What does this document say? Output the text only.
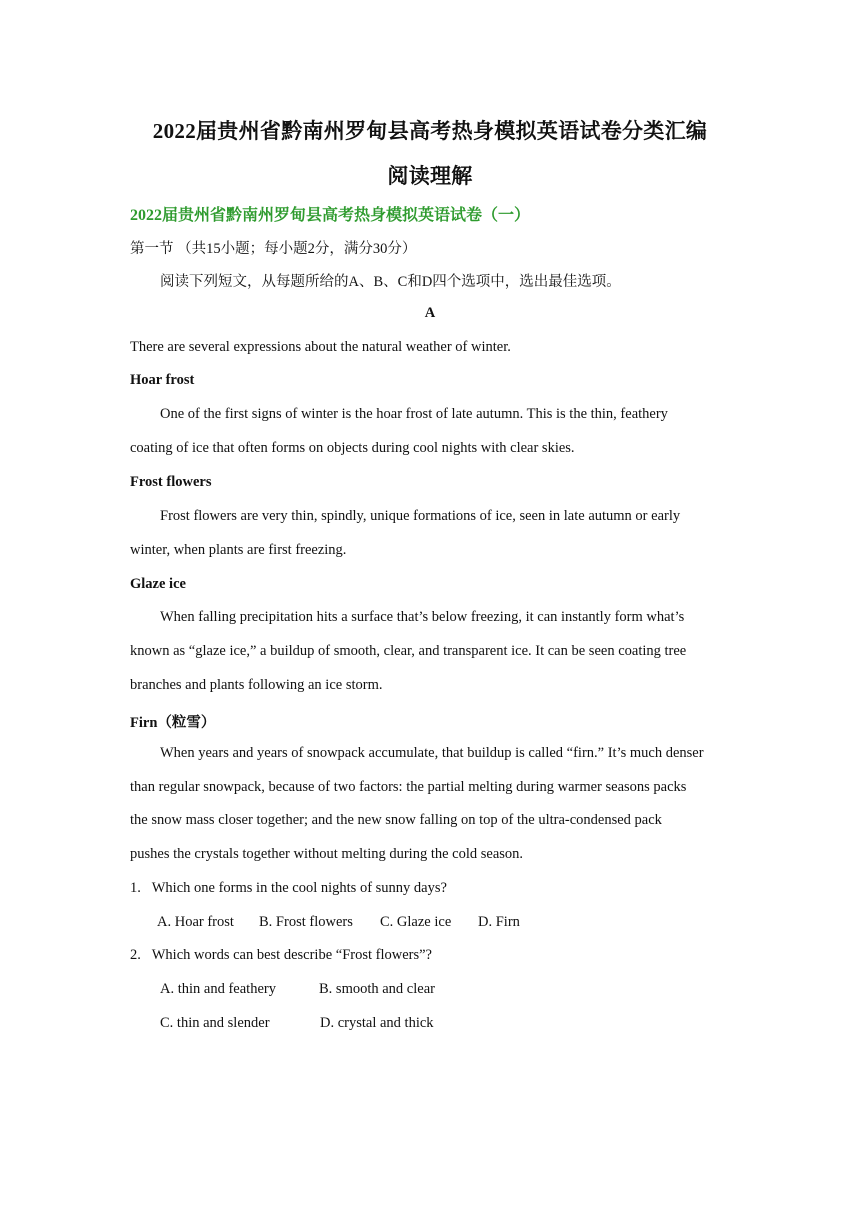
2022届贵州省黔南州罗甸县高考热身模拟英语试卷分类汇编
阅读理解
2022届贵州省黔南州罗甸县高考热身模拟英语试卷（一）
第一节 （共15小题；每小题2分，满分30分）
阅读下列短文，从每题所给的A、B、C和D四个选项中，选出最佳选项。
A
There are several expressions about the natural weather of winter.
Hoar frost
One of the first signs of winter is the hoar frost of late autumn. This is the thin, feathery
coating of ice that often forms on objects during cool nights with clear skies.
Frost flowers
Frost flowers are very thin, spindly, unique formations of ice, seen in late autumn or early
winter, when plants are first freezing.
Glaze ice
When falling precipitation hits a surface that’s below freezing, it can instantly form what’s
known as “glaze ice,” a buildup of smooth, clear, and transparent ice. It can be seen coating tree
branches and plants following an ice storm.
Firn（粒雪）
When years and years of snowpack accumulate, that buildup is called “firn.” It’s much denser
than regular snowpack, because of two factors: the partial melting during warmer seasons packs
the snow mass closer together; and the new snow falling on top of the ultra-condensed pack
pushes the crystals together without melting during the cold season.
1.   Which one forms in the cool nights of sunny days?
A. Hoar frost B. Frost flowers C. Glaze ice D. Firn
2.   Which words can best describe “Frost flowers”?
A. thin and feathery	B. smooth and clear
C. thin and slender	D. crystal and thick
